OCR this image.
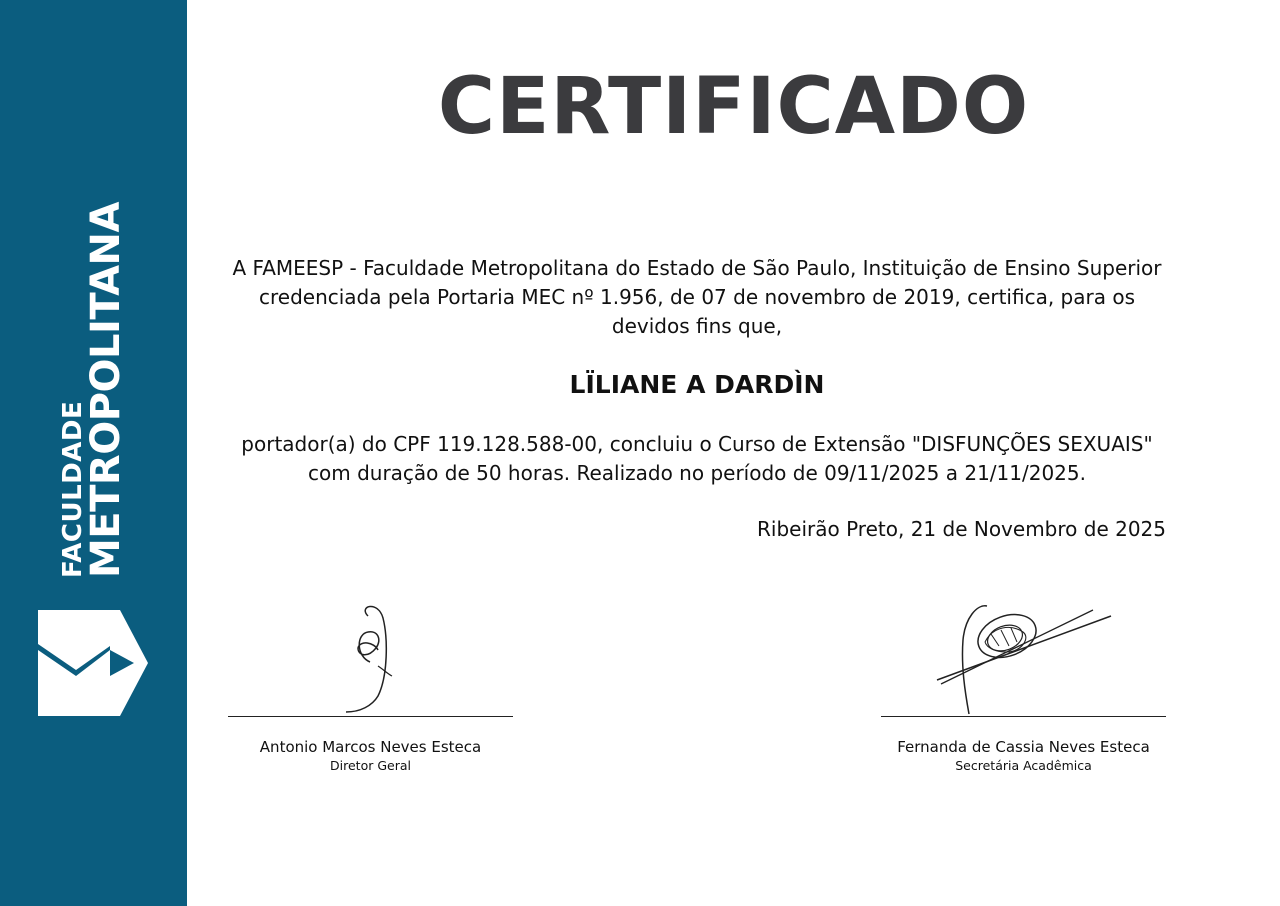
FACULDADE
METROPOLITANA
CERTIFICADO

A FAMEESP - Faculdade Metropolitana do Estado de São Paulo, Instituição de Ensino Superior credenciada pela Portaria MEC nº 1.956, de 07 de novembro de 2019, certifica, para os devidos fins que,

LÏLIANE A DARDÌN

portador(a) do CPF 119.128.588-00, concluiu o Curso de Extensão "DISFUNÇÕES SEXUAIS" com duração de 50 horas. Realizado no período de 09/11/2025 a 21/11/2025.

Ribeirão Preto, 21 de Novembro de 2025

Antonio Marcos Neves Esteca
Diretor Geral
Fernanda de Cassia Neves Esteca
Secretária Acadêmica
